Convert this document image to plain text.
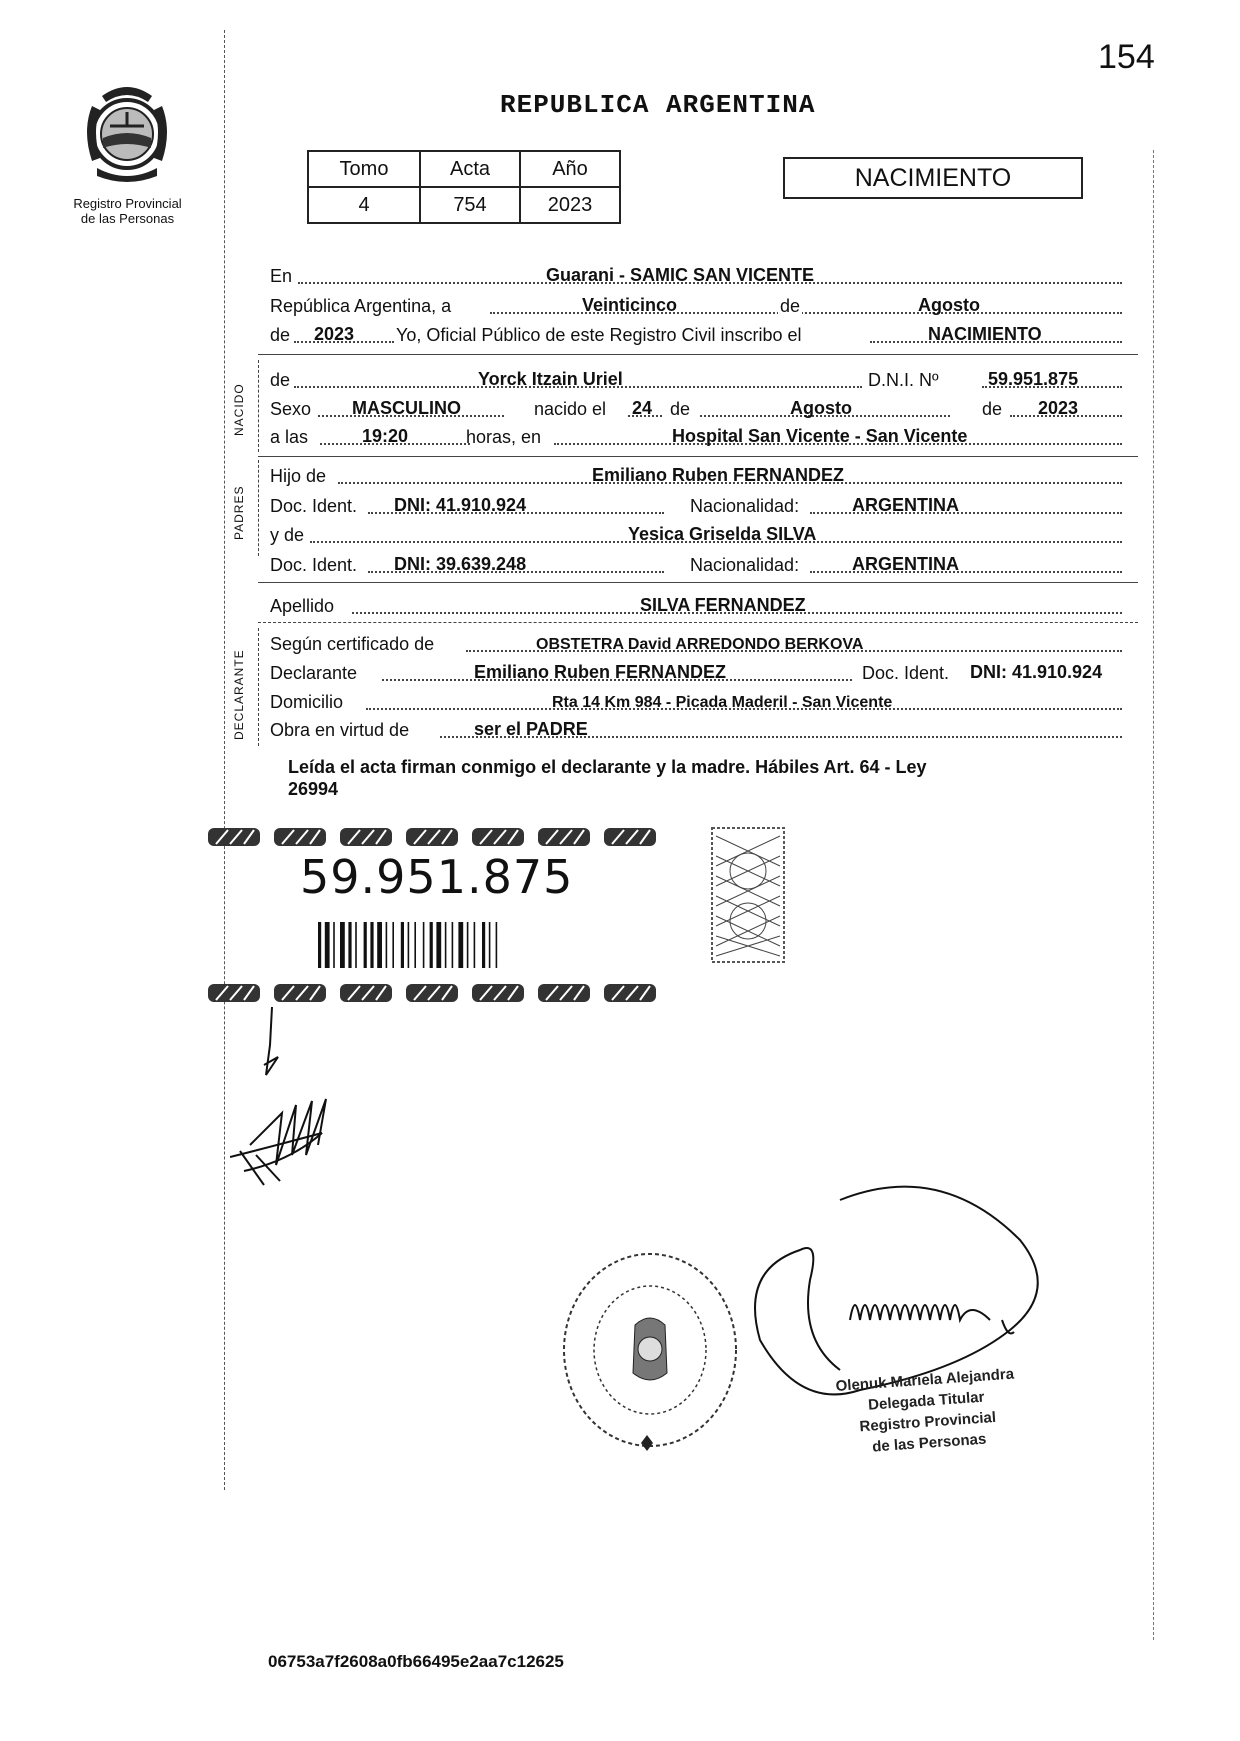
154
Registro Provincial
de las Personas
REPUBLICA ARGENTINA
Tomo	Acta	Año
4	754	2023
NACIMIENTO
En	Guarani - SAMIC SAN VICENTE
República Argentina, a	Veinticinco	de	Agosto
de 2023 Yo, Oficial Público de este Registro Civil inscribo el	NACIMIENTO
NACIDO
de	Yorck Itzain Uriel	D.N.I. Nº	59.951.875
Sexo MASCULINO	nacido el 24 de	Agosto	de 2023
a las	19:20	horas, en	Hospital San Vicente - San Vicente
PADRES
Hijo de	Emiliano Ruben FERNANDEZ
Doc. Ident. DNI: 41.910.924	Nacionalidad:	ARGENTINA
y de	Yesica Griselda SILVA
Doc. Ident. DNI: 39.639.248	Nacionalidad:	ARGENTINA
Apellido	SILVA FERNANDEZ
DECLARANTE
Según certificado de	OBSTETRA David ARREDONDO BERKOVA
Declarante	Emiliano Ruben FERNANDEZ	Doc. Ident. DNI: 41.910.924
Domicilio	Rta 14 Km 984 - Picada Maderil - San Vicente
Obra en virtud de	ser el PADRE
Leída el acta firman conmigo el declarante y la madre. Hábiles Art. 64 - Ley
26994
59.951.875
Olenuk Mariela Alejandra
Delegada Titular
Registro Provincial
de las Personas
06753a7f2608a0fb66495e2aa7c12625
